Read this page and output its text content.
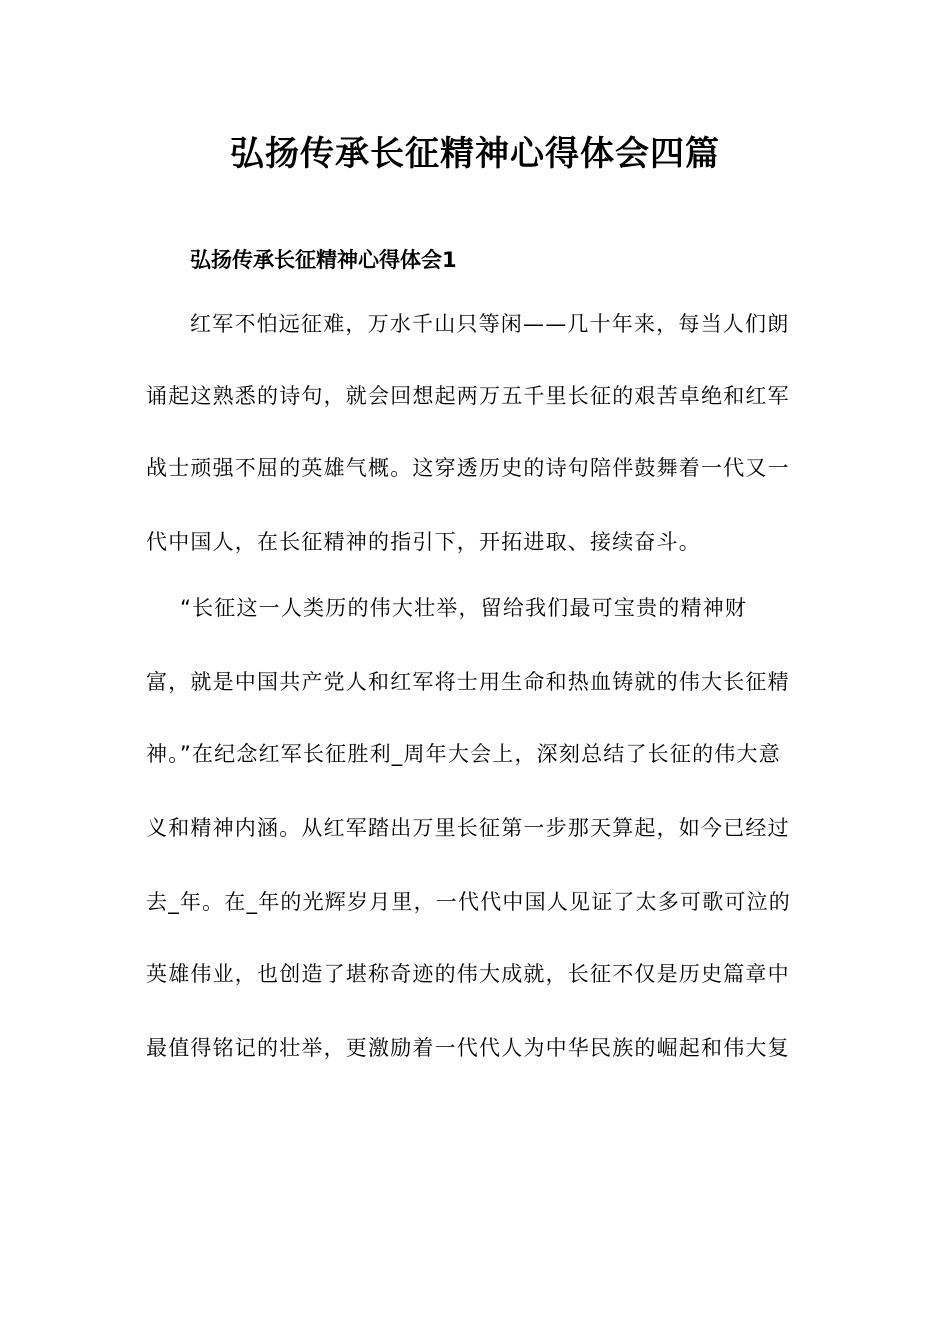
弘扬传承长征精神心得体会四篇

弘扬传承长征精神心得体会1

红军不怕远征难，万水千山只等闲——几十年来，每当人们朗

诵起这熟悉的诗句，就会回想起两万五千里长征的艰苦卓绝和红军

战士顽强不屈的英雄气概。这穿透历史的诗句陪伴鼓舞着一代又一

代中国人，在长征精神的指引下，开拓进取、接续奋斗。

“长征这一人类历的伟大壮举，留给我们最可宝贵的精神财

富，就是中国共产党人和红军将士用生命和热血铸就的伟大长征精

神。”在纪念红军长征胜利_周年大会上，深刻总结了长征的伟大意

义和精神内涵。从红军踏出万里长征第一步那天算起，如今已经过

去_年。在_年的光辉岁月里，一代代中国人见证了太多可歌可泣的

英雄伟业，也创造了堪称奇迹的伟大成就，长征不仅是历史篇章中

最值得铭记的壮举，更激励着一代代人为中华民族的崛起和伟大复
